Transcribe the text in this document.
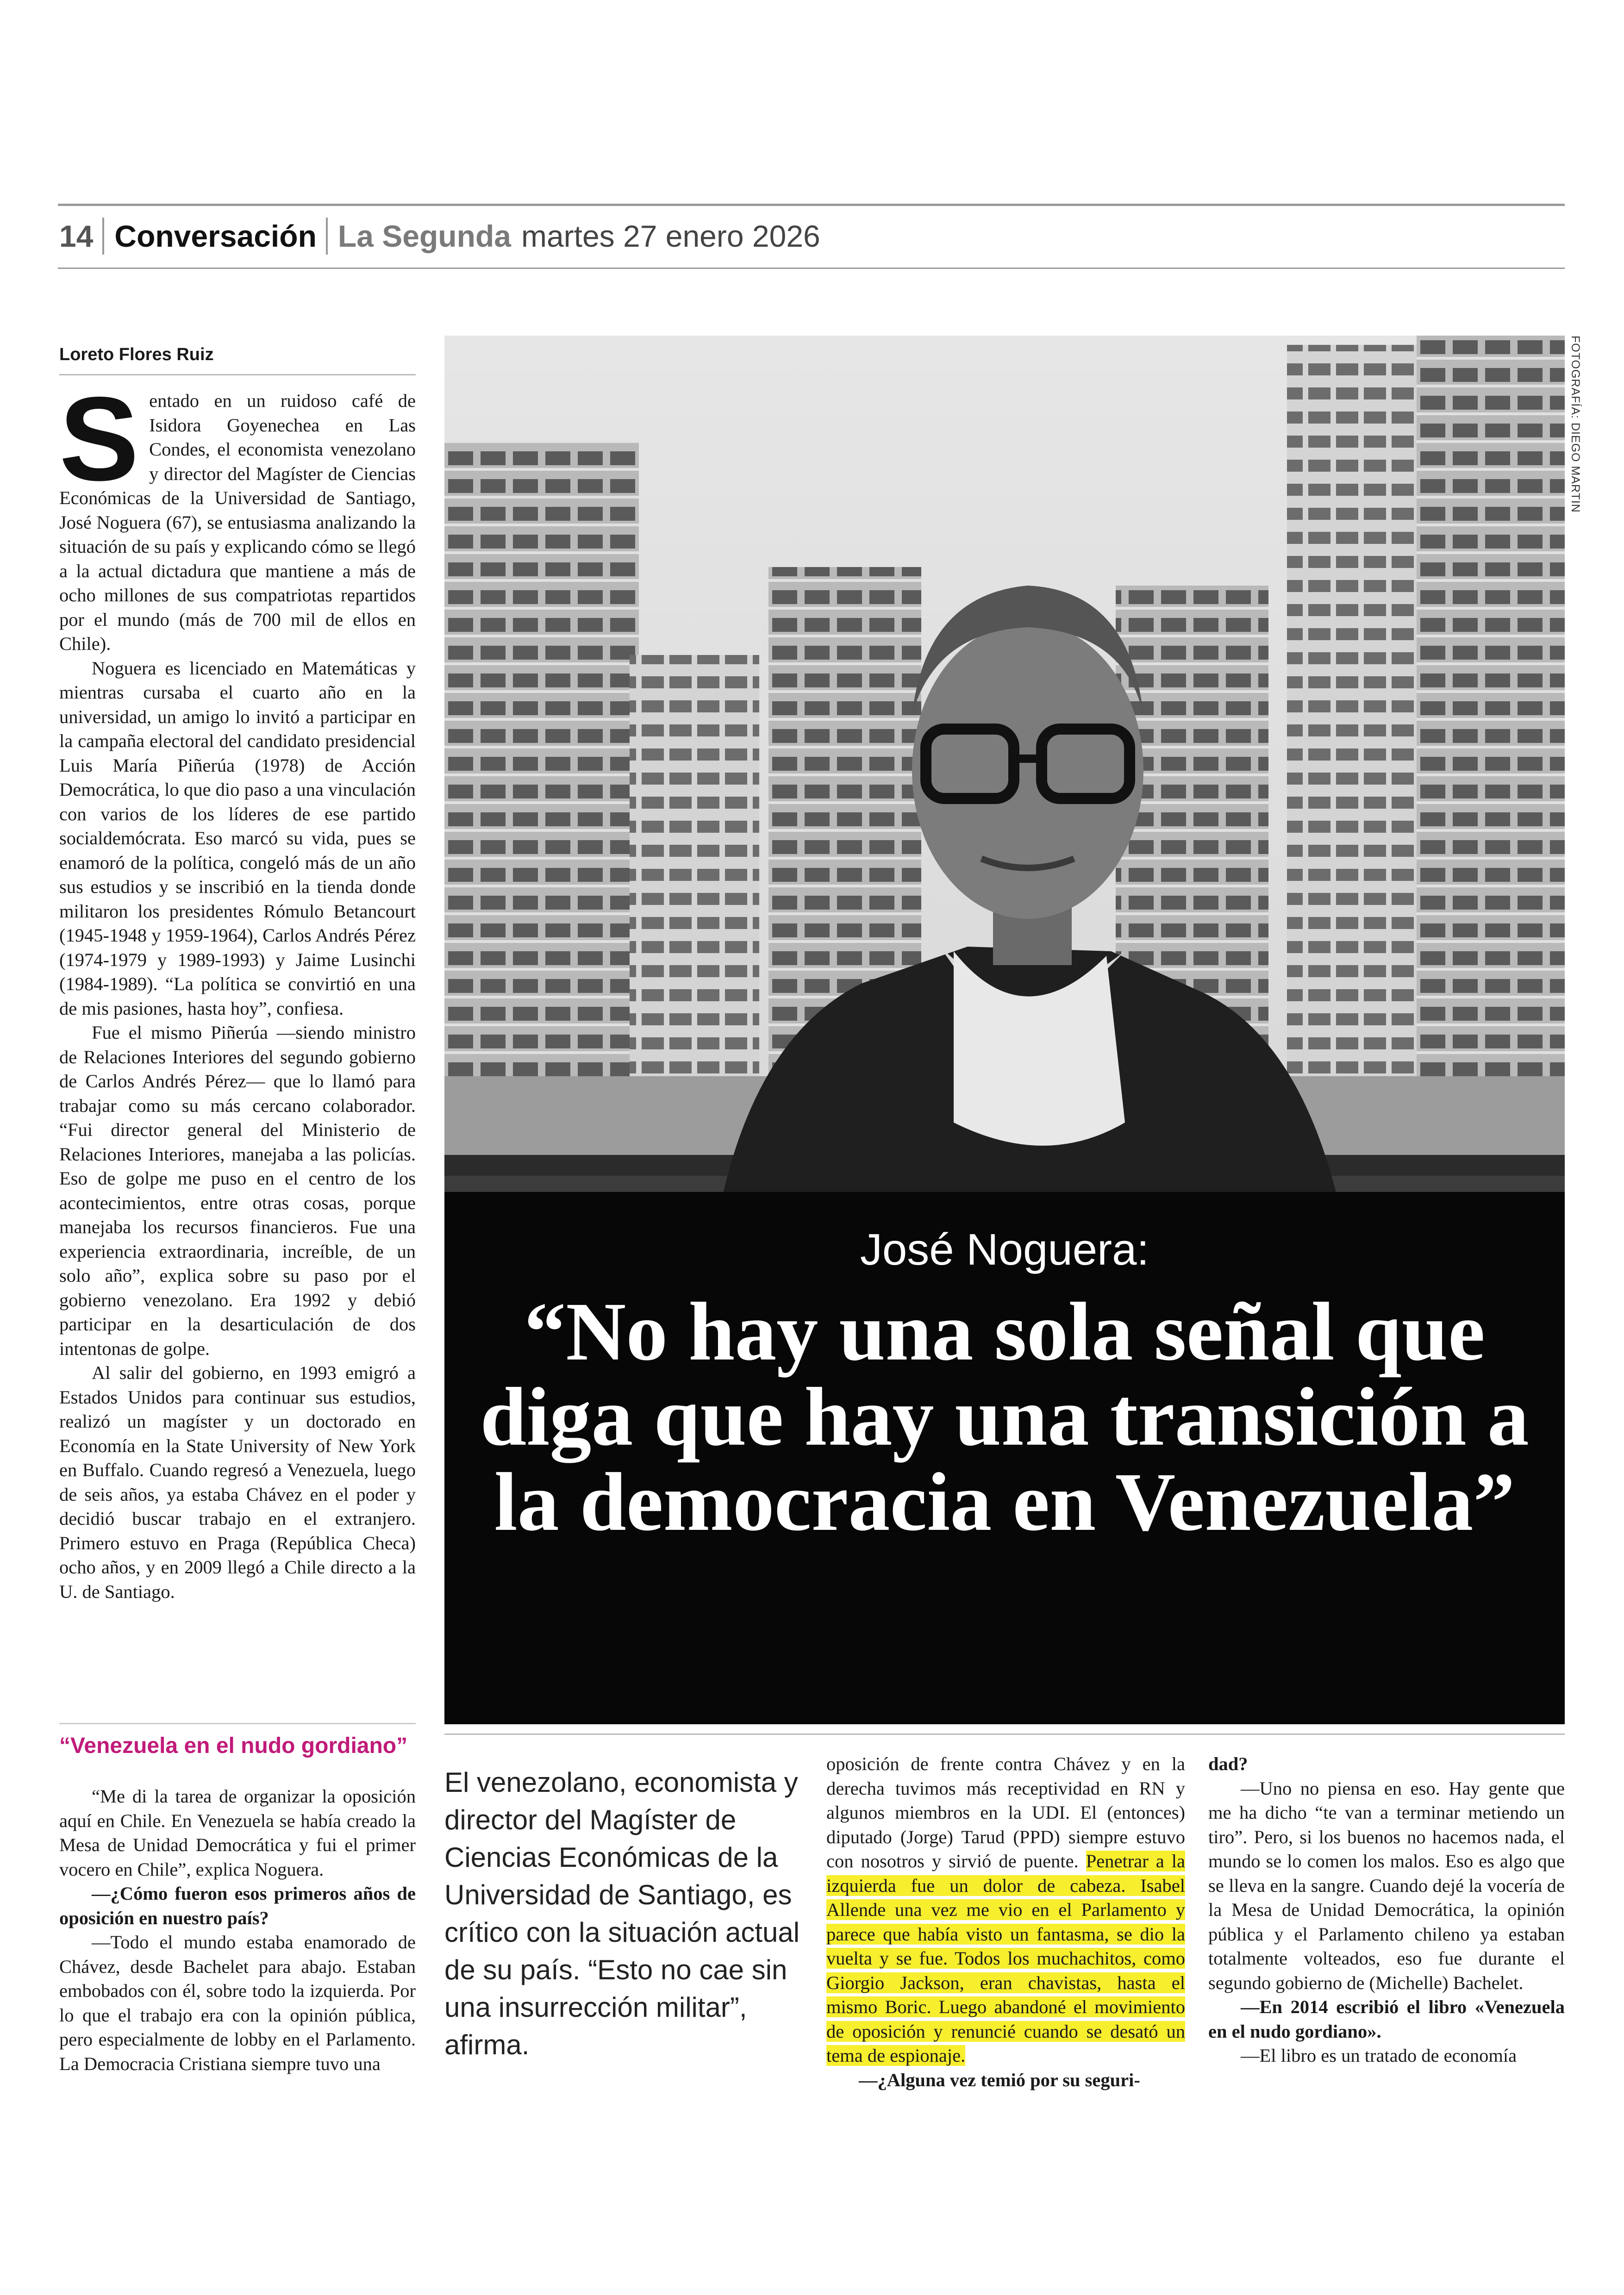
14 Conversación La Segunda martes 27 enero 2026
Loreto Flores Ruiz

Sentado en un ruidoso café de Isidora Goyenechea en Las Condes, el economista venezolano y director del Magíster de Ciencias Económicas de la Universidad de Santiago, José Noguera (67), se entusiasma analizando la situación de su país y explicando cómo se llegó a la actual dictadura que mantiene a más de ocho millones de sus compatriotas repartidos por el mundo (más de 700 mil de ellos en Chile).

Noguera es licenciado en Matemáticas y mientras cursaba el cuarto año en la universidad, un amigo lo invitó a participar en la campaña electoral del candidato presidencial Luis María Piñerúa (1978) de Acción Democrática, lo que dio paso a una vinculación con varios de los líderes de ese partido socialdemócrata. Eso marcó su vida, pues se enamoró de la política, congeló más de un año sus estudios y se inscribió en la tienda donde militaron los presidentes Rómulo Betancourt (1945-1948 y 1959-1964), Carlos Andrés Pérez (1974-1979 y 1989-1993) y Jaime Lusinchi (1984-1989). “La política se convirtió en una de mis pasiones, hasta hoy”, confiesa.

Fue el mismo Piñerúa —siendo ministro de Relaciones Interiores del segundo gobierno de Carlos Andrés Pérez— que lo llamó para trabajar como su más cercano colaborador. “Fui director general del Ministerio de Relaciones Interiores, manejaba a las policías. Eso de golpe me puso en el centro de los acontecimientos, entre otras cosas, porque manejaba los recursos financieros. Fue una experiencia extraordinaria, increíble, de un solo año”, explica sobre su paso por el gobierno venezolano. Era 1992 y debió participar en la desarticulación de dos intentonas de golpe.

Al salir del gobierno, en 1993 emigró a Estados Unidos para continuar sus estudios, realizó un magíster y un doctorado en Economía en la State University of New York en Buffalo. Cuando regresó a Venezuela, luego de seis años, ya estaba Chávez en el poder y decidió buscar trabajo en el extranjero. Primero estuvo en Praga (República Checa) ocho años, y en 2009 llegó a Chile directo a la U. de Santiago.

“Venezuela en el nudo gordiano”

“Me di la tarea de organizar la oposición aquí en Chile. En Venezuela se había creado la Mesa de Unidad Democrática y fui el primer vocero en Chile”, explica Noguera.

—¿Cómo fueron esos primeros años de oposición en nuestro país?

—Todo el mundo estaba enamorado de Chávez, desde Bachelet para abajo. Estaban embobados con él, sobre todo la izquierda. Por lo que el trabajo era con la opinión pública, pero especialmente de lobby en el Parlamento. La Democracia Cristiana siempre tuvo una

FOTOGRAFÍA: DIEGO MARTIN
José Noguera:
“No hay una sola señal que diga que hay una transición a la democracia en Venezuela”
El venezolano, economista y director del Magíster de Ciencias Económicas de la Universidad de Santiago, es crítico con la situación actual de su país. “Esto no cae sin una insurrección militar”, afirma.

oposición de frente contra Chávez y en la derecha tuvimos más receptividad en RN y algunos miembros en la UDI. El (entonces) diputado (Jorge) Tarud (PPD) siempre estuvo con nosotros y sirvió de puente. Penetrar a la izquierda fue un dolor de cabeza. Isabel Allende una vez me vio en el Parlamento y parece que había visto un fantasma, se dio la vuelta y se fue. Todos los muchachitos, como Giorgio Jackson, eran chavistas, hasta el mismo Boric. Luego abandoné el movimiento de oposición y renuncié cuando se desató un tema de espionaje.

—¿Alguna vez temió por su seguri-

dad?

—Uno no piensa en eso. Hay gente que me ha dicho “te van a terminar metiendo un tiro”. Pero, si los buenos no hacemos nada, el mundo se lo comen los malos. Eso es algo que se lleva en la sangre. Cuando dejé la vocería de la Mesa de Unidad Democrática, la opinión pública y el Parlamento chileno ya estaban totalmente volteados, eso fue durante el segundo gobierno de (Michelle) Bachelet.

—En 2014 escribió el libro «Venezuela en el nudo gordiano».

—El libro es un tratado de economía
